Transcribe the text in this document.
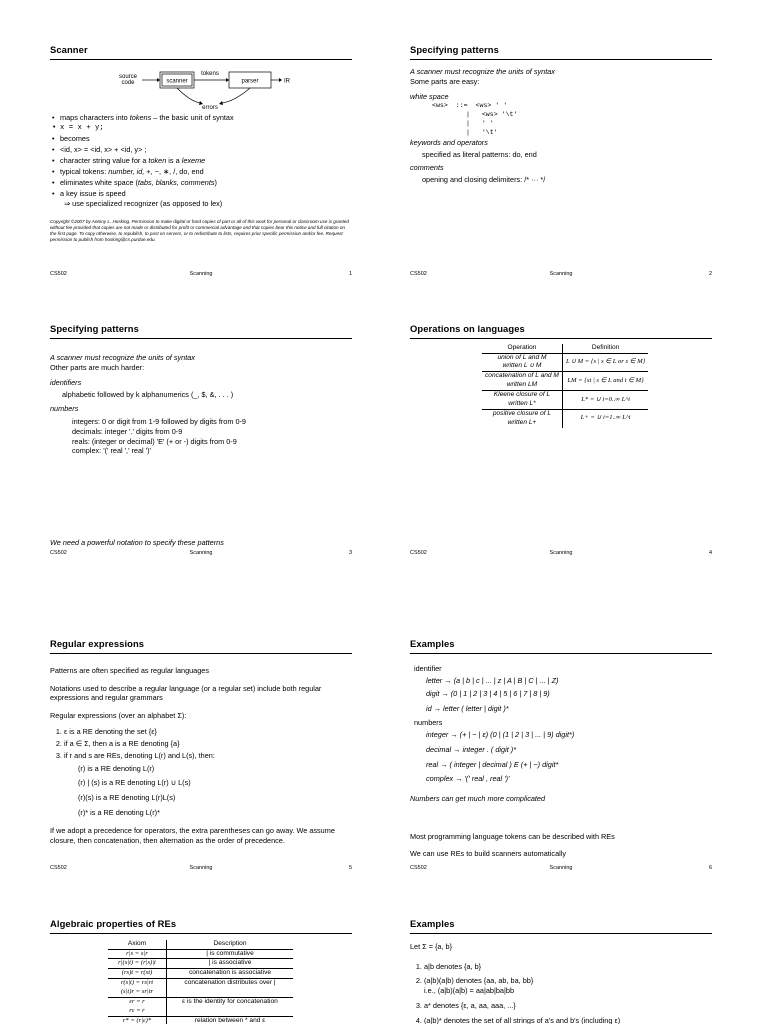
Scanner
source
code	scanner
tokens
parser	IR
errors
• maps characters into tokens – the basic unit of syntax
• x = x + y;
• becomes
• <id, x> = <id, x> + <id, y> ;
• character string value for a token is a lexeme
• typical tokens: number, id, +, −, ∗, /, do, end
• eliminates white space (tabs, blanks, comments)
• a key issue is speed
⇒ use specialized recognizer (as opposed to lex)
Copyright ©2007 by Antony L. Hosking. Permission to make digital or hard copies of part or all of this work for personal or classroom use is granted without fee provided that copies are not made or distributed for profit or commercial advantage and that copies bear this notice and full citation on the first page. To copy otherwise, to republish, to post on servers, or to redistribute to lists, requires prior specific permission and/or fee. Request permission to publish from hosking@cs.purdue.edu.
CS502	Scanning	1
Specifying patterns
A scanner must recognize the units of syntax
Some parts are easy:
white space
<ws>  ::=  <ws> ' '
|   <ws> '\t'
|   ' '
|   '\t'
keywords and operators
specified as literal patterns: do, end
comments
opening and closing delimiters: /* ··· */
CS502	Scanning	2
Specifying patterns
A scanner must recognize the units of syntax
Other parts are much harder:
identifiers
alphabetic followed by k alphanumerics (_, $, &, . . . )
numbers
integers: 0 or digit from 1-9 followed by digits from 0-9
decimals: integer '.' digits from 0-9
reals: (integer or decimal) 'E' (+ or -) digits from 0-9
complex: '(' real ',' real ')'
We need a powerful notation to specify these patterns
CS502	Scanning	3
Operations on languages
Operation	Definition

union of L and M
written L ∪ M	L ∪ M = {s | s ∈ L or s ∈ M}

concatenation of L and M
written LM	LM = {st | s ∈ L and t ∈ M}

Kleene closure of L
written L*	L* = ∪ i=0..∞ L^i

positive closure of L
written L+	L+ = ∪ i=1..∞ L^i
CS502	Scanning	4
Regular expressions
Patterns are often specified as regular languages
Notations used to describe a regular language (or a regular set) include both regular expressions and regular grammars
Regular expressions (over an alphabet Σ):
1. ε is a RE denoting the set {ε}
2. if a ∈ Σ, then a is a RE denoting {a}
3. if r and s are REs, denoting L(r) and L(s), then:
(r) is a RE denoting L(r)
(r) | (s) is a RE denoting L(r) ∪ L(s)
(r)(s) is a RE denoting L(r)L(s)
(r)* is a RE denoting L(r)*
If we adopt a precedence for operators, the extra parentheses can go away. We assume closure, then concatenation, then alternation as the order of precedence.
CS502	Scanning	5
Examples
identifier
letter → (a | b | c | ... | z | A | B | C | ... | Z)
digit → (0 | 1 | 2 | 3 | 4 | 5 | 6 | 7 | 8 | 9)
id → letter ( letter | digit )*
numbers
integer → (+ | − | ε) (0 | (1 | 2 | 3 | ... | 9) digit*)
decimal → integer . ( digit )*
real → ( integer | decimal ) E (+ | −) digit*
complex → '(' real , real ')'
Numbers can get much more complicated
Most programming language tokens can be described with REs
We can use REs to build scanners automatically
CS502	Scanning	6
Algebraic properties of REs
Axiom	Description
r|s = s|r	| is commutative
r|(s|t) = (r|s)|t	| is associative
(rs)t = r(st)	concatenation is associative
r(s|t) = rs|rt	concatenation distributes over |
(s|t)r = sr|tr	
εr = r	ε is the identity for concatenation
rε = r	
r* = (r|ε)*	relation between * and ε
Examples
Let Σ = {a, b}
1. a|b denotes {a, b}
2. (a|b)(a|b) denotes {aa, ab, ba, bb}
i.e., (a|b)(a|b) = aa|ab|ba|bb
3. a* denotes {ε, a, aa, aaa, ...}
4. (a|b)* denotes the set of all strings of a's and b's (including ε)
